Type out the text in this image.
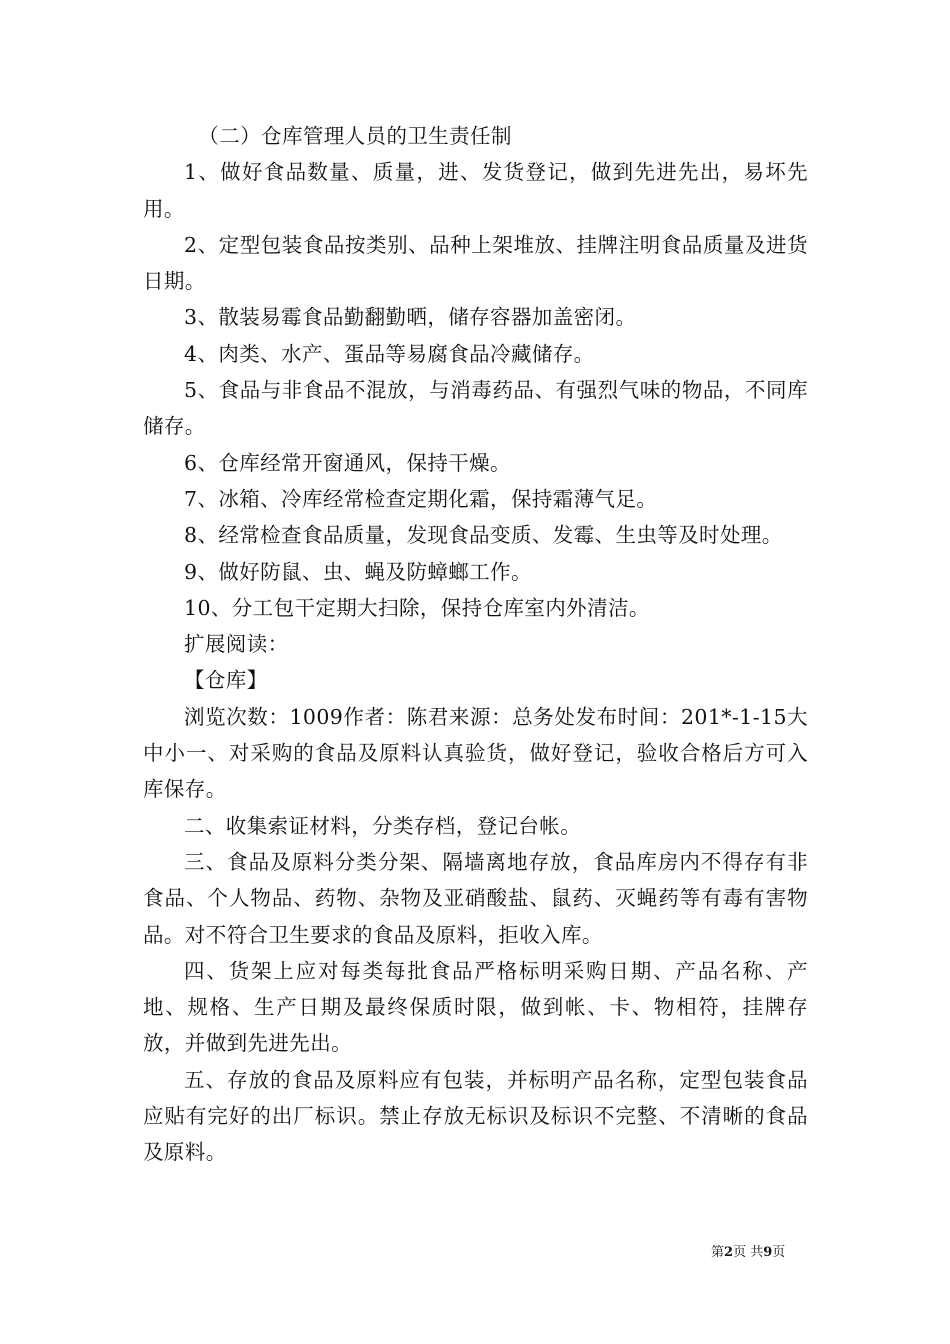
（二）仓库管理人员的卫生责任制

1、做好食品数量、质量，进、发货登记，做到先进先出，易坏先用。

2、定型包装食品按类别、品种上架堆放、挂牌注明食品质量及进货日期。

3、散装易霉食品勤翻勤晒，储存容器加盖密闭。

4、肉类、水产、蛋品等易腐食品冷藏储存。

5、食品与非食品不混放，与消毒药品、有强烈气味的物品，不同库储存。

6、仓库经常开窗通风，保持干燥。

7、冰箱、冷库经常检查定期化霜，保持霜薄气足。

8、经常检查食品质量，发现食品变质、发霉、生虫等及时处理。

9、做好防鼠、虫、蝇及防蟑螂工作。

10、分工包干定期大扫除，保持仓库室内外清洁。

扩展阅读：

【仓库】

浏览次数：1009作者：陈君来源：总务处发布时间：201*-1-15大中小一、对采购的食品及原料认真验货，做好登记，验收合格后方可入库保存。

二、收集索证材料，分类存档，登记台帐。

三、食品及原料分类分架、隔墙离地存放，食品库房内不得存有非食品、个人物品、药物、杂物及亚硝酸盐、鼠药、灭蝇药等有毒有害物品。对不符合卫生要求的食品及原料，拒收入库。

四、货架上应对每类每批食品严格标明采购日期、产品名称、产地、规格、生产日期及最终保质时限，做到帐、卡、物相符，挂牌存放，并做到先进先出。

五、存放的食品及原料应有包装，并标明产品名称，定型包装食品应贴有完好的出厂标识。禁止存放无标识及标识不完整、不清晰的食品及原料。

第2页 共9页
